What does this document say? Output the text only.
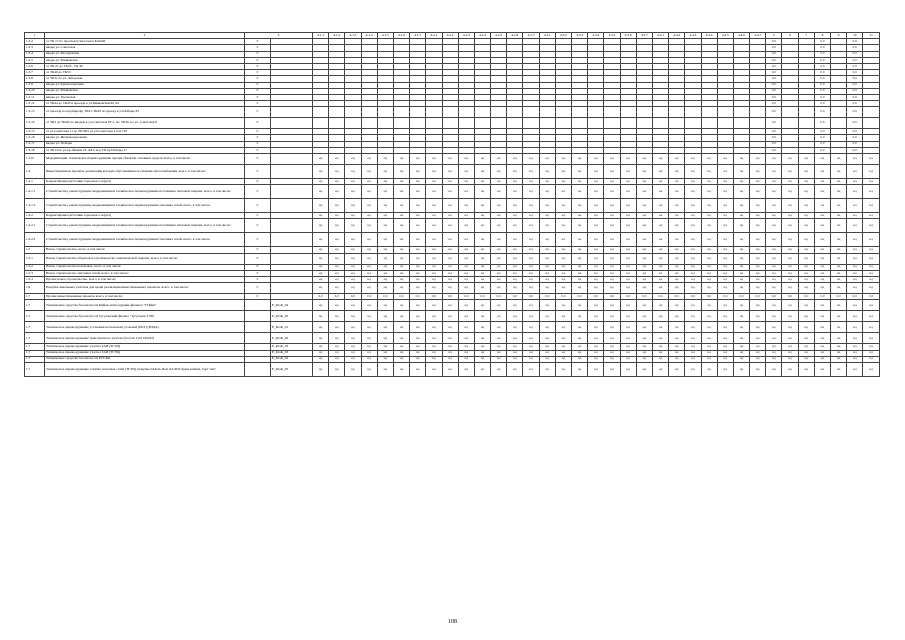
1	2	3		4.1.1	4.1.2	4.1.3	4.1.4	4.1.5	4.1.6	4.1.7	4.2.1	4.2.2	4.2.3	4.2.4	4.2.5	4.2.6	4.2.7	4.3.1	4.3.2	4.3.3	4.3.4	4.3.5	4.3.6	4.3.7	4.4.1	4.4.2	4.4.3	4.4.4	4.4.5	4.4.6	4.4.7	5	6	7	8	9	10	11
1.3.2	от ТК 17 по проспекту им.газеты КАТиП	Г																														0,0			0,0		0,0	
1.3.3	вводы ул. Советская	Г																														0,0			0,0		0,0	
1.3.4	вводы ул. Молодежная	Г																														0,0			0,0		0,0	
1.3.5	вводы ул. Маяковская	Г																														0,0			0,0		0,0	
1.3.6	от ТК 21 до ТК24 , ТК 46	Г																														0,0			0,0		0,0	
1.3.7	от ТК49 до ТК53	Г																														0,0			0,0		0,0	
1.3.8	от ТК31 по ул. Заводская	Г																														0,0			0,0		0,0	
1.3.9	вводы ул. Краснозаречная	Г																														0,0			0,0		0,0	
1.3.10	вводы ул. Маяковская	Г																														0,0			0,0		0,0	
1.3.11	вводы ул. Уральская	Г																														0,0			0,0		0,0	
1.3.12	от ТК44 до ТК45 в проезде к ул.Маяковская 60, 64	Г																														0,0			0,0		0,0	
1.3.13	от проезда по пер.Кирову, ТК21-ТК20 по проезд к ул.Победы 33	Г																														0,0			0,0		0,0	
1.3.14	от ТК2 до ТК28, по вводам к ул.Советская 87/1, по. ТК30, по ул. Советская 9	Г																														0,0			0,0		0,0	
1.3.15	от ул.Советская 11 до ТК 68 к ул.ул.Советская 11а и 13б	Г																														0,0			0,0		0,0	
1.3.16	вводы ул. Железнодорожная	Г																														0,0			0,0		0,0	
1.3.17	вводы ул. Победы	Г																														0,0			0,0		0,0	
1.3.18	от ТК13 по ул.пр.Ленина 23, АБ к ж/д ТП пр.Победы 17	Г																														0,0			0,0		0,0	
1.3.N	Модернизация, техническое перевооружение прочих объектов основных средств всего, в том числе:	Г		нд	нд	нд	нд	нд	нд	нд	нд	нд	нд	нд	нд	нд	нд	нд	нд	нд	нд	нд	нд	нд	нд	нд	нд	нд	нд	нд	нд	нд	нд	нд	нд	нд	нд	нд
1.4	Инвестиционные проекты, реализация которых обуславливается схемами теплоснабжения, всего, в том числе:	Г		нд	нд	нд	нд	нд	нд	нд	нд	нд	нд	нд	нд	нд	нд	нд	нд	нд	нд	нд	нд	нд	нд	нд	нд	нд	нд	нд	нд	нд	нд	нд	нд	нд	нд	нд
1.4.1	Корректировка (источник городского округа)	Г		нд	нд	нд	нд	нд	нд	нд	нд	нд	нд	нд	нд	нд	нд	нд	нд	нд	нд	нд	нд	нд	нд	нд	нд	нд	нд	нд	нд	нд	нд	нд	нд	нд	нд	нд
1.4.1.1	Строительство, реконструкция, модернизация и техническое перевооружение источников тепловой энергии, всего, в том числе:	Г		нд	нд	нд	нд	нд	нд	нд	нд	нд	нд	нд	нд	нд	нд	нд	нд	нд	нд	нд	нд	нд	нд	нд	нд	нд	нд	нд	нд	нд	нд	нд	нд	нд	нд	нд
1.4.1.2	Строительство, реконструкция, модернизация и техническое перевооружение тепловых сетей, всего, в том числе:	Г		нд	нд	нд	нд	нд	нд	нд	нд	нд	нд	нд	нд	нд	нд	нд	нд	нд	нд	нд	нд	нд	нд	нд	нд	нд	нд	нд	нд	нд	нд	нд	нд	нд	нд	нд
1.4.2	Корректировка (источник городского округа)	Г		нд	нд	нд	нд	нд	нд	нд	нд	нд	нд	нд	нд	нд	нд	нд	нд	нд	нд	нд	нд	нд	нд	нд	нд	нд	нд	нд	нд	нд	нд	нд	нд	нд	нд	нд
1.4.2.1	Строительство, реконструкция, модернизация и техническое перевооружение источников тепловой энергии, всего, в том числе:	Г		нд	нд	нд	нд	нд	нд	нд	нд	нд	нд	нд	нд	нд	нд	нд	нд	нд	нд	нд	нд	нд	нд	нд	нд	нд	нд	нд	нд	нд	нд	нд	нд	нд	нд	нд
1.4.2.2	Строительство, реконструкция, модернизация и техническое перевооружение тепловых сетей, всего, в том числе:	Г		нд	нд	нд	нд	нд	нд	нд	нд	нд	нд	нд	нд	нд	нд	нд	нд	нд	нд	нд	нд	нд	нд	нд	нд	нд	нд	нд	нд	нд	нд	нд	нд	нд	нд	нд
1.5	Новое строительство, всего, в том числе:	Г		нд	нд	нд	нд	нд	нд	нд	нд	нд	нд	нд	нд	нд	нд	нд	нд	нд	нд	нд	нд	нд	нд	нд	нд	нд	нд	нд	нд	нд	нд	нд	нд	нд	нд	нд
1.5.1	Новое строительство объектов по производству электрической энергии, всего, в том числе:	Г		нд	нд	нд	нд	нд	нд	нд	нд	нд	нд	нд	нд	нд	нд	нд	нд	нд	нд	нд	нд	нд	нд	нд	нд	нд	нд	нд	нд	нд	нд	нд	нд	нд	нд	нд
1.5.2	Новое строительство котельных, всего, в том числе:	Г		нд	нд	нд	нд	нд	нд	нд	нд	нд	нд	нд	нд	нд	нд	нд	нд	нд	нд	нд	нд	нд	нд	нд	нд	нд	нд	нд	нд	нд	нд	нд	нд	нд	нд	нд
1.5.3	Новое строительство тепловых сетей, всего, в том числе:	Г		нд	нд	нд	нд	нд	нд	нд	нд	нд	нд	нд	нд	нд	нд	нд	нд	нд	нд	нд	нд	нд	нд	нд	нд	нд	нд	нд	нд	нд	нд	нд	нд	нд	нд	нд
1.5.4	Прочее новое строительство, всего, в том числе:	Г		нд	нд	нд	нд	нд	нд	нд	нд	нд	нд	нд	нд	нд	нд	нд	нд	нд	нд	нд	нд	нд	нд	нд	нд	нд	нд	нд	нд	нд	нд	нд	нд	нд	нд	нд
1.6	Покупка земельных участков для целей реализации инвестиционных проектов, всего, в том числе:	Г		нд	нд	нд	нд	нд	нд	нд	нд	нд	нд	нд	нд	нд	нд	нд	нд	нд	нд	нд	нд	нд	нд	нд	нд	нд	нд	нд	нд	нд	нд	нд	нд	нд	нд	нд
1.7	Прочие инвестиционные проекты всего, в том числе:	Г		0,0	0,0	0,0	0,0	0,0	0,0	0,0	0,0	0,0	0,0	0,0	0,0	0,0	0,0	0,0	0,0	0,0	0,0	0,0	0,0	0,0	0,0	0,0	0,0	0,0	0,0	0,0	0,0	0,0	0,0	0,0	0,0	0,0	0,0	0,0
1.7	Технические средства безопасности Бийско-интродукции филиала "ТГКфи"		E_KGK_04	нд	нд	нд	нд	нд	нд	нд	нд	нд	нд	нд	нд	нд	нд	нд	нд	нд	нд	нд	нд	нд	нд	нд	нд	нд	нд	нд	нд	нд	нд	нд	нд	нд	нд	нд
1.7	Технические средства безопасности Тугуланский филиал "Тугуланск ГЭЦ"		E_KGK_05	нд	нд	нд	нд	нд	нд	нд	нд	нд	нд	нд	нд	нд	нд	нд	нд	нд	нд	нд	нд	нд	нд	нд	нд	нд	нд	нд	нд	нд	нд	нд	нд	нд	нд	нд
1.7	Техническое перевооружение установки пескоогнеит угольной (ЕКТ) (ВЭДА)		E_KGK_01	нд	нд	нд	нд	нд	нд	нд	нд	нд	нд	нд	нд	нд	нд	нд	нд	нд	нд	нд	нд	нд	нд	нд	нд	нд	нд	нд	нд	нд	нд	нд	нд	нд	нд	нд
1.7	Техническое перевооружение транспортного участка (Тогуле: ГАЗ 330232)		E_KGK_02	нд	нд	нд	нд	нд	нд	нд	нд	нд	нд	нд	нд	нд	нд	нд	нд	нд	нд	нд	нд	нд	нд	нд	нд	нд	нд	нд	нд	нд	нд	нд	нд	нд	нд	нд
1.7	Техническое перевооружение участка ТАИ (ТГЭЦ)		E_KGK_03	нд	нд	нд	нд	нд	нд	нд	нд	нд	нд	нд	нд	нд	нд	нд	нд	нд	нд	нд	нд	нд	нд	нд	нд	нд	нд	нд	нд	нд	нд	нд	нд	нд	нд	нд
1.7	Техническое перевооружение участка ТАИ (ТГЭЦ)		E_KGK_03	нд	нд	нд	нд	нд	нд	нд	нд	нд	нд	нд	нд	нд	нд	нд	нд	нд	нд	нд	нд	нд	нд	нд	нд	нд	нд	нд	нд	нд	нд	нд	нд	нд	нд	нд
1.7	Технические средства безопасности РТСФО		E_KGK_02	нд	нд	нд	нд	нд	нд	нд	нд	нд	нд	нд	нд	нд	нд	нд	нд	нд	нд	нд	нд	нд	нд	нд	нд	нд	нд	нд	нд	нд	нд	нд	нд	нд	нд	нд
1.7	Техническое перевооружение службы тепловых сетей (ТГЭЦ) (покупка ГАЗель Next A21R32 будка-кабина, борт тент		E_KGK_05	нд	нд	нд	нд	нд	нд	нд	нд	нд	нд	нд	нд	нд	нд	нд	нд	нд	нд	нд	нд	нд	нд	нд	нд	нд	нд	нд	нд	нд	нд	нд	нд	нд	нд	нд
108
